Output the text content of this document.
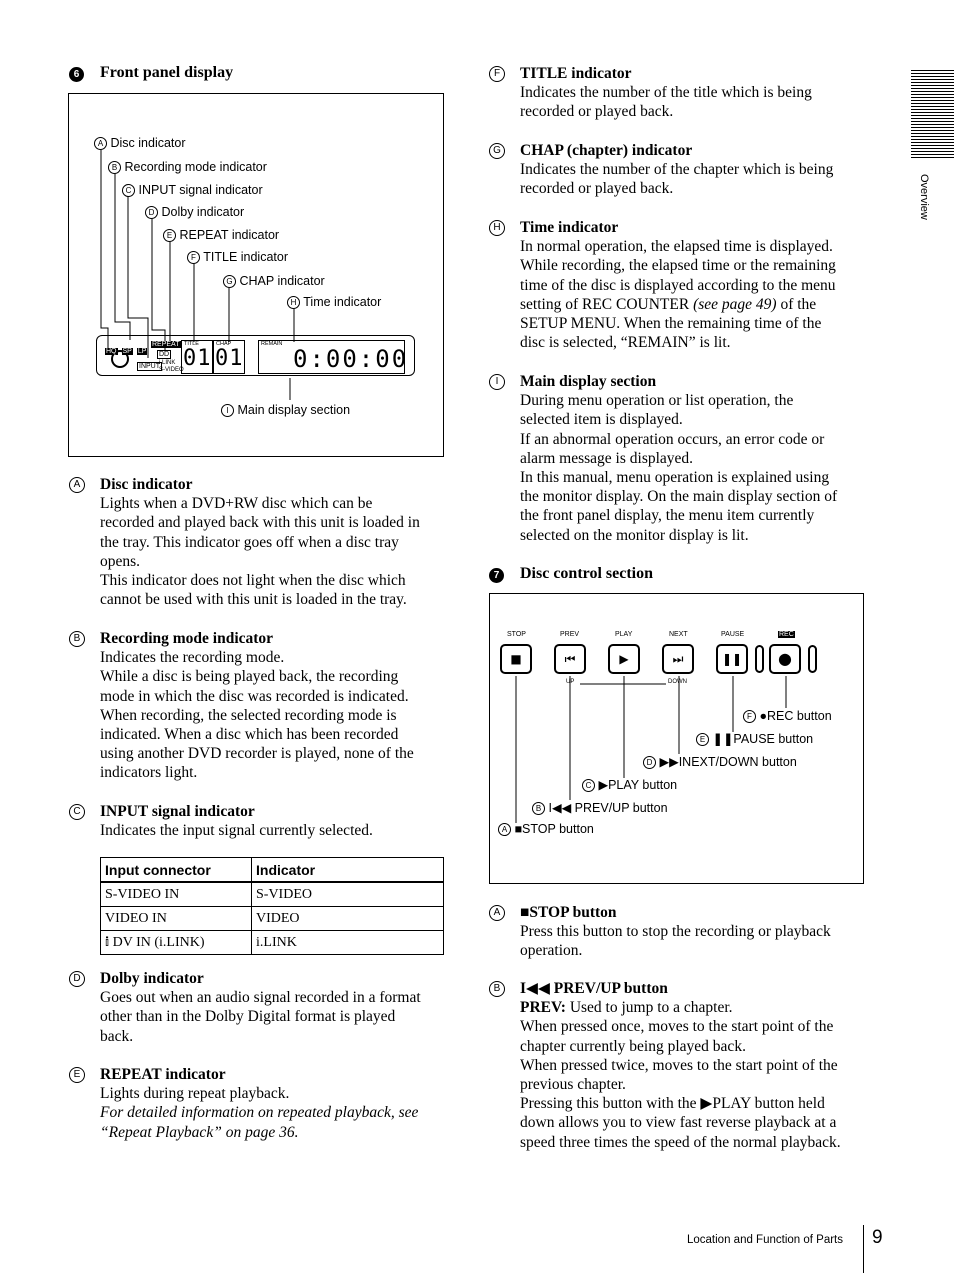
Overview
6 Front panel display
A Disc indicator
B Recording mode indicator
C INPUT signal indicator
D Dolby indicator
E REPEAT indicator
F TITLE indicator
G CHAP indicator
H Time indicator
I Main display section
HQ SP LP
REPEAT
DD
INPUT i.LINK
S-VIDEO
TITLE
01
CHAP
01
REMAIN
0:00:00
A	Disc indicator
Lights when a DVD+RW disc which can be
recorded and played back with this unit is loaded in
the tray. This indicator goes off when a disc tray
opens.
This indicator does not light when the disc which
cannot be used with this unit is loaded in the tray.
B	Recording mode indicator
Indicates the recording mode.
While a disc is being played back, the recording
mode in which the disc was recorded is indicated.
When recording, the selected recording mode is
indicated. When a disc which has been recorded
using another DVD recorder is played, none of the
indicators light.
C INPUT signal indicator
Indicates the input signal currently selected.
Input connector	Indicator
S-VIDEO IN	S-VIDEO
VIDEO IN	VIDEO
𝕚 DV IN (i.LINK)	i.LINK
D Dolby indicator
Goes out when an audio signal recorded in a format
other than in the Dolby Digital format is played
back.
E	REPEAT indicator
Lights during repeat playback.
For detailed information on repeated playback, see
“Repeat Playback” on page 36.
F	TITLE indicator
Indicates the number of the title which is being
recorded or played back.
G CHAP (chapter) indicator
Indicates the number of the chapter which is being
recorded or played back.
H Time indicator
In normal operation, the elapsed time is displayed.
While recording, the elapsed time or the remaining
time of the disc is displayed according to the menu
setting of REC COUNTER (see page 49) of the
SETUP MENU. When the remaining time of the
disc is selected, “REMAIN” is lit.
I	Main display section
During menu operation or list operation, the
selected item is displayed.
If an abnormal operation occurs, an error code or
alarm message is displayed.
In this manual, menu operation is explained using
the monitor display. On the main display section of
the front panel display, the menu item currently
selected on the monitor display is lit.
7 Disc control section
STOP	PREV	PLAY	NEXT	PAUSE	REC
■	⏮	▶	⏭	❚❚	●
UP	DOWN
F ●REC button
E ❚❚PAUSE button
D ▶▶INEXT/DOWN button
C ▶PLAY button
B I◀◀ PREV/UP button
A ■STOP button
A	■STOP button
Press this button to stop the recording or playback
operation.
B	I◀◀ PREV/UP button
PREV: Used to jump to a chapter.
When pressed once, moves to the start point of the
chapter currently being played back.
When pressed twice, moves to the start point of the
previous chapter.
Pressing this button with the ▶PLAY button held
down allows you to view fast reverse playback at a
speed three times the speed of the normal playback.
Location and Function of Parts 9
